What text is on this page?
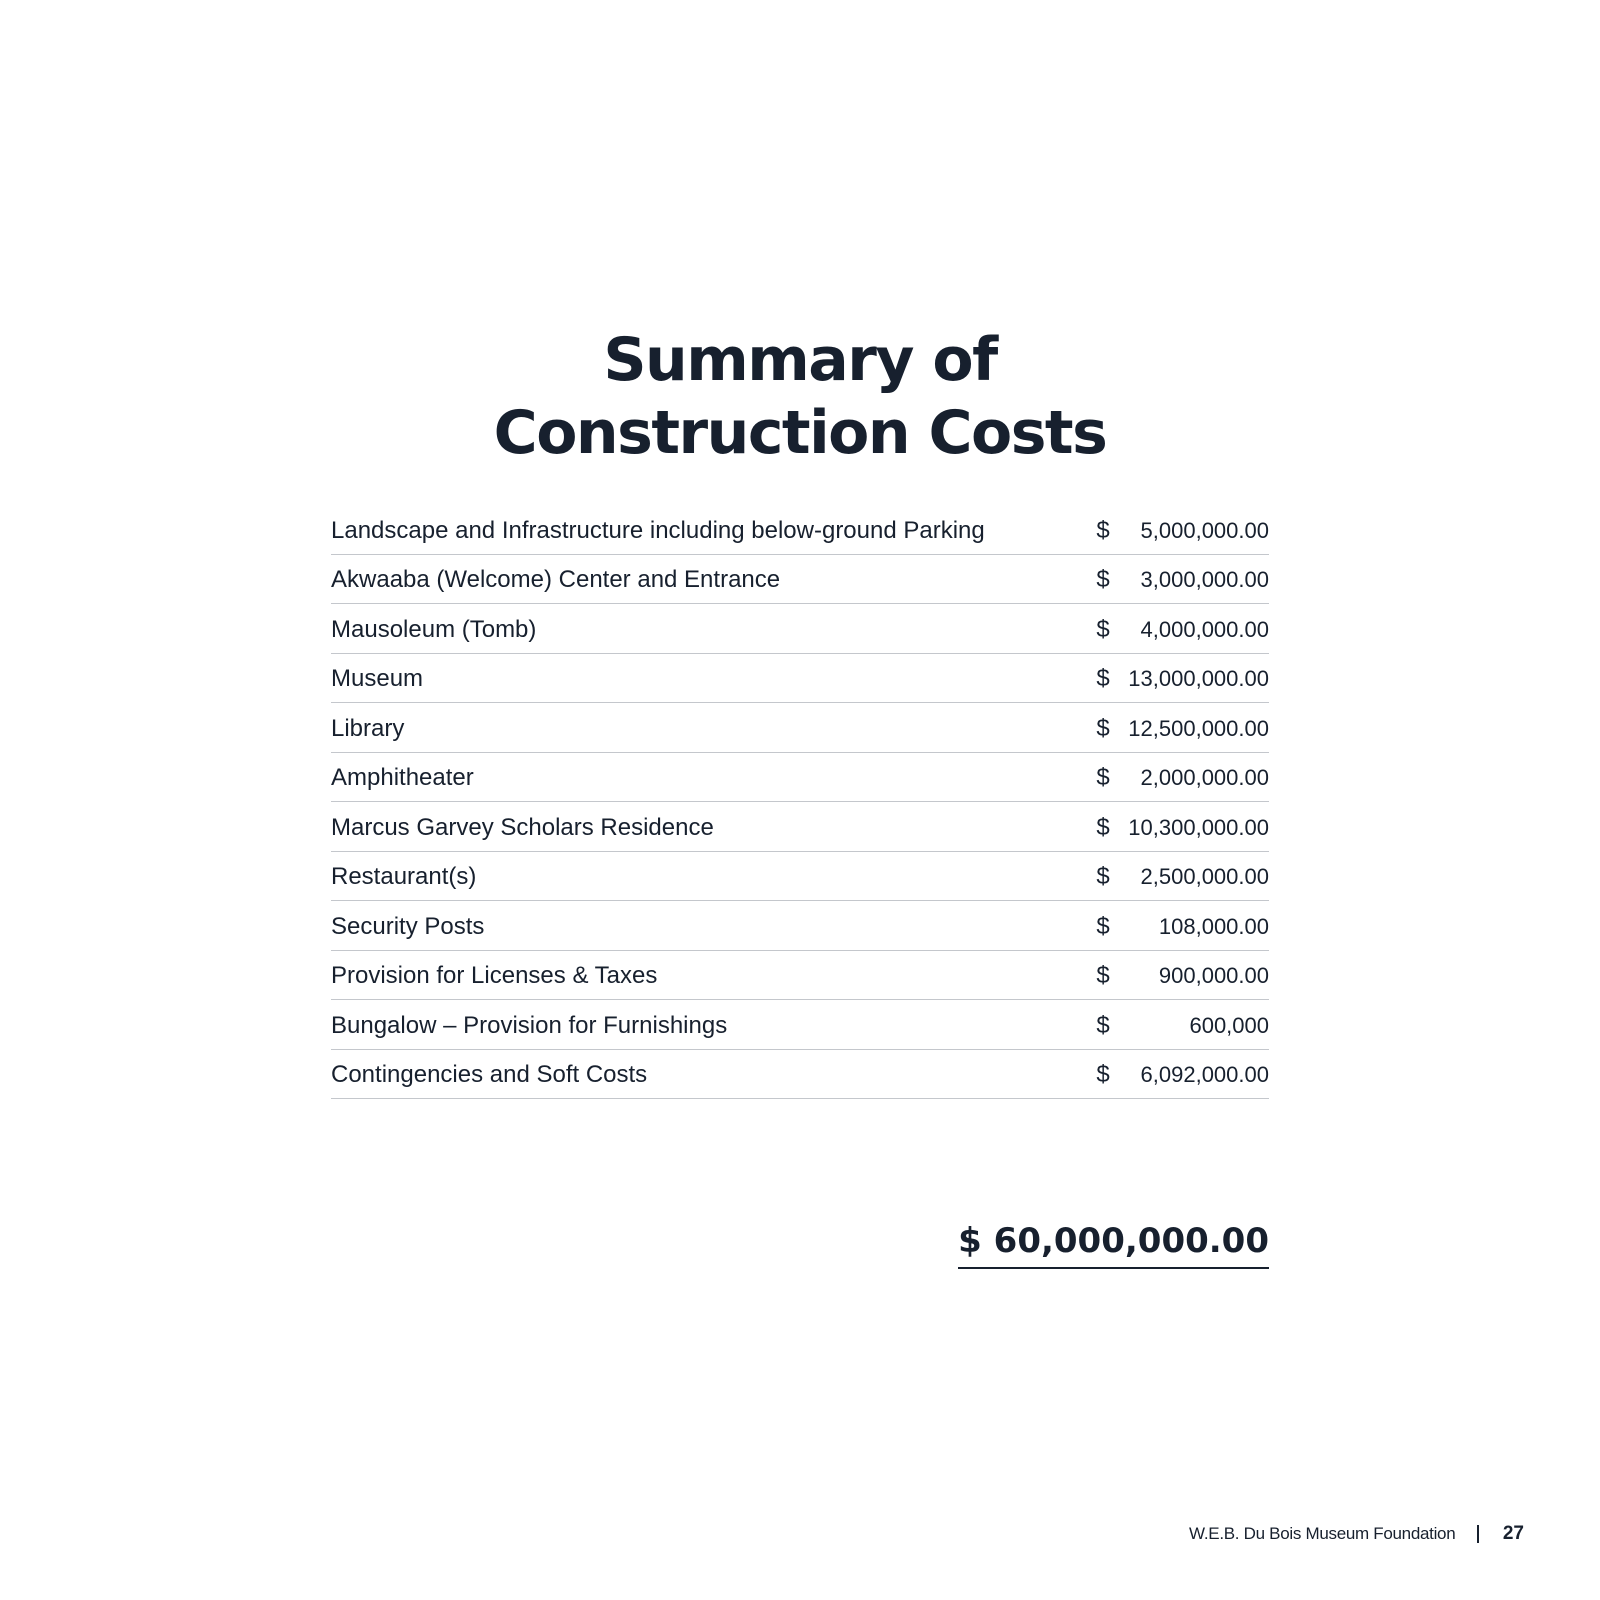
Summary of
Construction Costs
Landscape and Infrastructure including below-ground Parking	$	5,000,000.00
Akwaaba (Welcome) Center and Entrance	$	3,000,000.00
Mausoleum (Tomb)	$	4,000,000.00
Museum	$ 13,000,000.00
Library	$ 12,500,000.00
Amphitheater	$	2,000,000.00
Marcus Garvey Scholars Residence	$ 10,300,000.00
Restaurant(s)	$	2,500,000.00
Security Posts	$	108,000.00
Provision for Licenses & Taxes	$	900,000.00
Bungalow – Provision for Furnishings	$	600,000
Contingencies and Soft Costs	$	6,092,000.00
$ 60,000,000.00
W.E.B. Du Bois Museum Foundation	27
